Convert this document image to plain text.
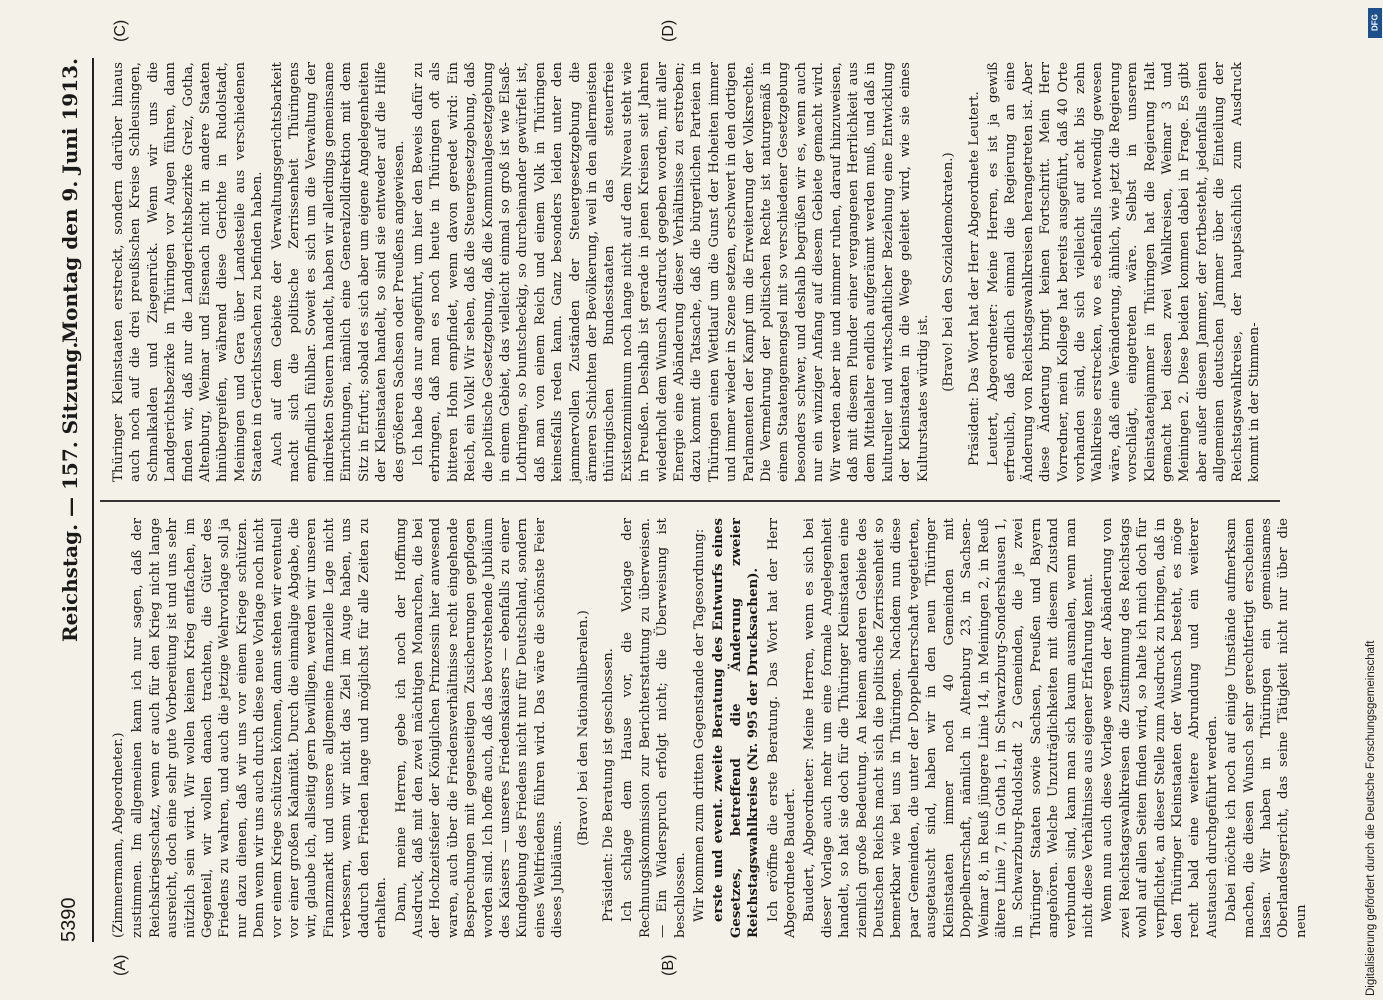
5390
Reichstag. — 157. Sitzung.
Montag den 9. Juni 1913.
(A)	(B)
(C)	(D)

(Zimmermann, Abgeordneter.) zustimmen. Im allgemeinen kann ich nur sagen, daß der Reichskriegsschatz, wenn er auch für den Krieg nicht lange ausreicht, doch eine sehr gute Vorbereitung ist und uns sehr nützlich sein wird. Wir wollen keinen Krieg entfachen, im Gegenteil, wir wollen danach trachten, die Güter des Friedens zu wahren, und auch die jetzige Wehrvorlage soll ja nur dazu dienen, daß wir uns vor einem Kriege schützen. Denn wenn wir uns auch durch diese neue Vorlage noch nicht vor einem Kriege schützen können, dann stehen wir eventuell vor einer großen Kalamität. Durch die einmalige Abgabe, die wir, glaube ich, allseitig gern bewilligen, werden wir unseren Finanzmarkt und unsere allgemeine finanzielle Lage nicht verbessern, wenn wir nicht das Ziel im Auge haben, uns dadurch den Frieden lange und möglichst für alle Zeiten zu erhalten. Dann, meine Herren, gebe ich noch der Hoffnung Ausdruck, daß mit den zwei mächtigen Monarchen, die bei der Hochzeitsfeier der Königlichen Prinzessin hier anwesend waren, auch über die Friedensverhältnisse recht eingehende Besprechungen mit gegenseitigen Zusicherungen gepflogen worden sind. Ich hoffe auch, daß das bevorstehende Jubiläum des Kaisers — unseres Friedenskaisers — ebenfalls zu einer Kundgebung des Friedens nicht nur für Deutschland, sondern eines Weltfriedens führen wird. Das wäre die schönste Feier dieses Jubiläums.

(Bravo! bei den Nationalliberalen.) Präsident: Die Beratung ist geschlossen. Ich schlage dem Hause vor, die Vorlage der Rechnungskommission zur Berichterstattung zu überweisen. — Ein Widerspruch erfolgt nicht; die Überweisung ist beschlossen. Wir kommen zum dritten Gegenstande der Tagesordnung: erste und event. zweite Beratung des Entwurfs eines Gesetzes, betreffend die Änderung zweier Reichstagswahlkreise (Nr. 995 der Drucksachen). Ich eröffne die erste Beratung. Das Wort hat der Herr Abgeordnete Baudert. Baudert, Abgeordneter: Meine Herren, wenn es sich bei dieser Vorlage auch mehr um eine formale Angelegenheit handelt, so hat sie doch für die Thüringer Kleinstaaten eine ziemlich große Bedeutung. An keinem anderen Gebiete des Deutschen Reichs macht sich die politische Zerrissenheit so bemerkbar wie bei uns in Thüringen. Nachdem nun diese paar Gemeinden, die unter der Doppelherrschaft vegetierten, ausgetauscht sind, haben wir in den neun Thüringer Kleinstaaten immer noch 40 Gemeinden mit Doppelherrschaft, nämlich in Altenburg 23, in Sachsen-Weimar 8, in Reuß jüngere Linie 14, in Meiningen 2, in Reuß ältere Linie 7, in Gotha 1, in Schwarzburg-Sondershausen 1, in Schwarzburg-Rudolstadt 2 Gemeinden, die je zwei Thüringer Staaten sowie Sachsen, Preußen und Bayern angehören. Welche Unzuträglichkeiten mit diesem Zustand verbunden sind, kann man sich kaum ausmalen, wenn man nicht diese Verhältnisse aus eigener Erfahrung kennt. Wenn nun auch diese Vorlage wegen der Abänderung von zwei Reichstagswahlkreisen die Zustimmung des Reichstags wohl auf allen Seiten finden wird, so halte ich mich doch für verpflichtet, an dieser Stelle zum Ausdruck zu bringen, daß in den Thüringer Kleinstaaten der Wunsch besteht, es möge recht bald eine weitere Abrundung und ein weiterer Austausch durchgeführt werden. Dabei möchte ich noch auf einige Umstände aufmerksam machen, die diesen Wunsch sehr gerechtfertigt erscheinen lassen. Wir haben in Thüringen ein gemeinsames Oberlandesgericht, das seine Tätigkeit nicht nur über die neun

Thüringer Kleinstaaten erstreckt, sondern darüber hinaus auch noch auf die drei preußischen Kreise Schleusingen, Schmalkalden und Ziegenrück. Wenn wir uns die Landgerichtsbezirke in Thüringen vor Augen führen, dann finden wir, daß nur die Landgerichtsbezirke Greiz, Gotha, Altenburg, Weimar und Eisenach nicht in andere Staaten hinübergreifen, während diese Gerichte in Rudolstadt, Meiningen und Gera über Landesteile aus verschiedenen Staaten in Gerichtssachen zu befinden haben. Auch auf dem Gebiete der Verwaltungsgerichtsbarkeit macht sich die politische Zerrissenheit Thüringens empfindlich fühlbar. Soweit es sich um die Verwaltung der indirekten Steuern handelt, haben wir allerdings gemeinsame Einrichtungen, nämlich eine Generalzolldirektion mit dem Sitz in Erfurt; sobald es sich aber um eigene Angelegenheiten der Kleinstaaten handelt, so sind sie entweder auf die Hilfe des größeren Sachsen oder Preußens angewiesen. Ich habe das nur angeführt, um hier den Beweis dafür zu erbringen, daß man es noch heute in Thüringen oft als bitteren Hohn empfindet, wenn davon geredet wird: Ein Reich, ein Volk! Wir sehen, daß die Steuergesetzgebung, daß die politische Gesetzgebung, daß die Kommunalgesetzgebung in einem Gebiet, das vielleicht einmal so groß ist wie Elsaß-Lothringen, so buntscheckig, so durcheinander gewürfelt ist, daß man von einem Reich und einem Volk in Thüringen keinesfalls reden kann. Ganz besonders leiden unter den jammervollen Zuständen der Steuergesetzgebung die ärmeren Schichten der Bevölkerung, weil in den allermeisten thüringischen Bundesstaaten das steuerfreie Existenzminimum noch lange nicht auf dem Niveau steht wie in Preußen. Deshalb ist gerade in jenen Kreisen seit Jahren wiederholt dem Wunsch Ausdruck gegeben worden, mit aller Energie eine Abänderung dieser Verhältnisse zu erstreben; dazu kommt die Tatsache, daß die bürgerlichen Parteien in Thüringen einen Wettlauf um die Gunst der Hoheiten immer und immer wieder in Szene setzen, erschwert in den dortigen Parlamenten der Kampf um die Erweiterung der Volksrechte. Die Vermehrung der politischen Rechte ist naturgemäß in einem Staatengemengsel mit so verschiedener Gesetzgebung besonders schwer, und deshalb begrüßen wir es, wenn auch nur ein winziger Anfang auf diesem Gebiete gemacht wird. Wir werden aber nie und nimmer ruhen, darauf hinzuweisen, daß mit diesem Plunder einer vergangenen Herrlichkeit aus dem Mittelalter endlich aufgeräumt werden muß, und daß in kultureller und wirtschaftlicher Beziehung eine Entwicklung der Kleinstaaten in die Wege geleitet wird, wie sie eines Kulturstaates würdig ist.

(Bravo! bei den Sozialdemokraten.) Präsident: Das Wort hat der Herr Abgeordnete Leutert. Leutert, Abgeordneter: Meine Herren, es ist ja gewiß erfreulich, daß endlich einmal die Regierung an eine Änderung von Reichstagswahlkreisen herangetreten ist. Aber diese Änderung bringt keinen Fortschritt. Mein Herr Vorredner, mein Kollege hat bereits ausgeführt, daß 40 Orte vorhanden sind, die sich vielleicht auf acht bis zehn Wahlkreise erstrecken, wo es ebenfalls notwendig gewesen wäre, daß eine Veränderung, ähnlich, wie jetzt die Regierung vorschlägt, eingetreten wäre. Selbst in unserem Kleinstaatenjammer in Thüringen hat die Regierung Halt gemacht bei diesen zwei Wahlkreisen, Weimar 3 und Meiningen 2. Diese beiden kommen dabei in Frage. Es gibt aber außer diesem Jammer, der fortbesteht, jedenfalls einen allgemeinen deutschen Jammer über die Einteilung der Reichstagswahlkreise, der hauptsächlich zum Ausdruck kommt in der Stimmen-

Digitalisierung gefördert durch die Deutsche Forschungsgemeinschaft
DFG
